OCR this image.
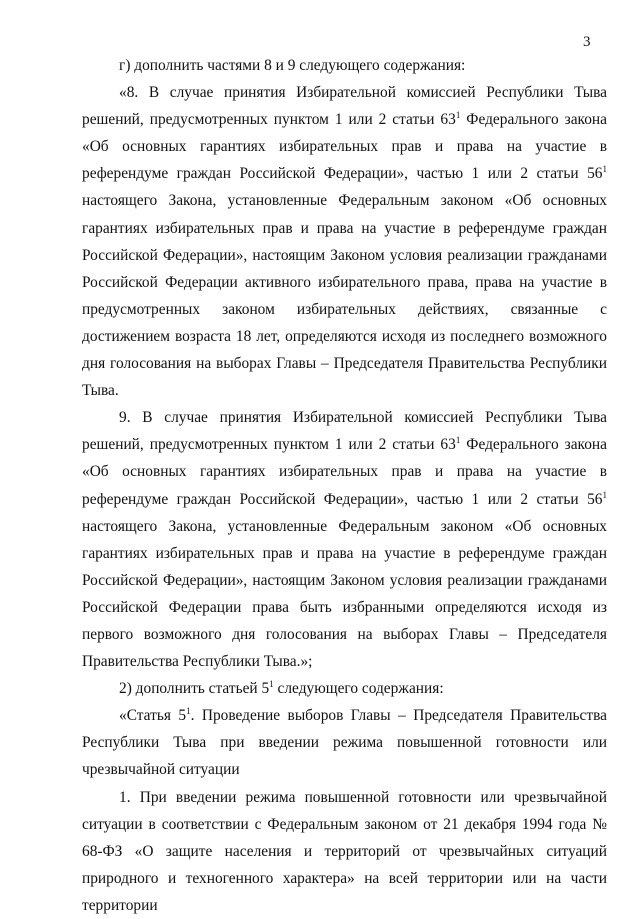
3

г) дополнить частями 8 и 9 следующего содержания:

«8. В случае принятия Избирательной комиссией Республики Тыва решений, предусмотренных пунктом 1 или 2 статьи $63^1$ Федерального закона «Об основных гарантиях избирательных прав и права на участие в референдуме граждан Российской Федерации», частью 1 или 2 статьи $56^1$ настоящего Закона, установленные Федеральным законом «Об основных гарантиях избирательных прав и права на участие в референдуме граждан Российской Федерации», настоящим Законом условия реализации гражданами Российской Федерации активного избирательного права, права на участие в предусмотренных законом избирательных действиях, связанные с достижением возраста 18 лет, определяются исходя из последнего возможного дня голосования на выборах Главы – Председателя Правительства Республики Тыва.

9. В случае принятия Избирательной комиссией Республики Тыва решений, предусмотренных пунктом 1 или 2 статьи $63^1$ Федерального закона «Об основных гарантиях избирательных прав и права на участие в референдуме граждан Российской Федерации», частью 1 или 2 статьи $56^1$ настоящего Закона, установленные Федеральным законом «Об основных гарантиях избирательных прав и права на участие в референдуме граждан Российской Федерации», настоящим Законом условия реализации гражданами Российской Федерации права быть избранными определяются исходя из первого возможного дня голосования на выборах Главы – Председателя Правительства Республики Тыва.»;

2) дополнить статьей $5^1$ следующего содержания:

«Статья $5^1$. Проведение выборов Главы – Председателя Правительства Республики Тыва при введении режима повышенной готовности или чрезвычайной ситуации

1. При введении режима повышенной готовности или чрезвычайной ситуации в соответствии с Федеральным законом от 21 декабря 1994 года № 68-ФЗ «О защите населения и территорий от чрезвычайных ситуаций природного и техногенного характера» на всей территории или на части территории
